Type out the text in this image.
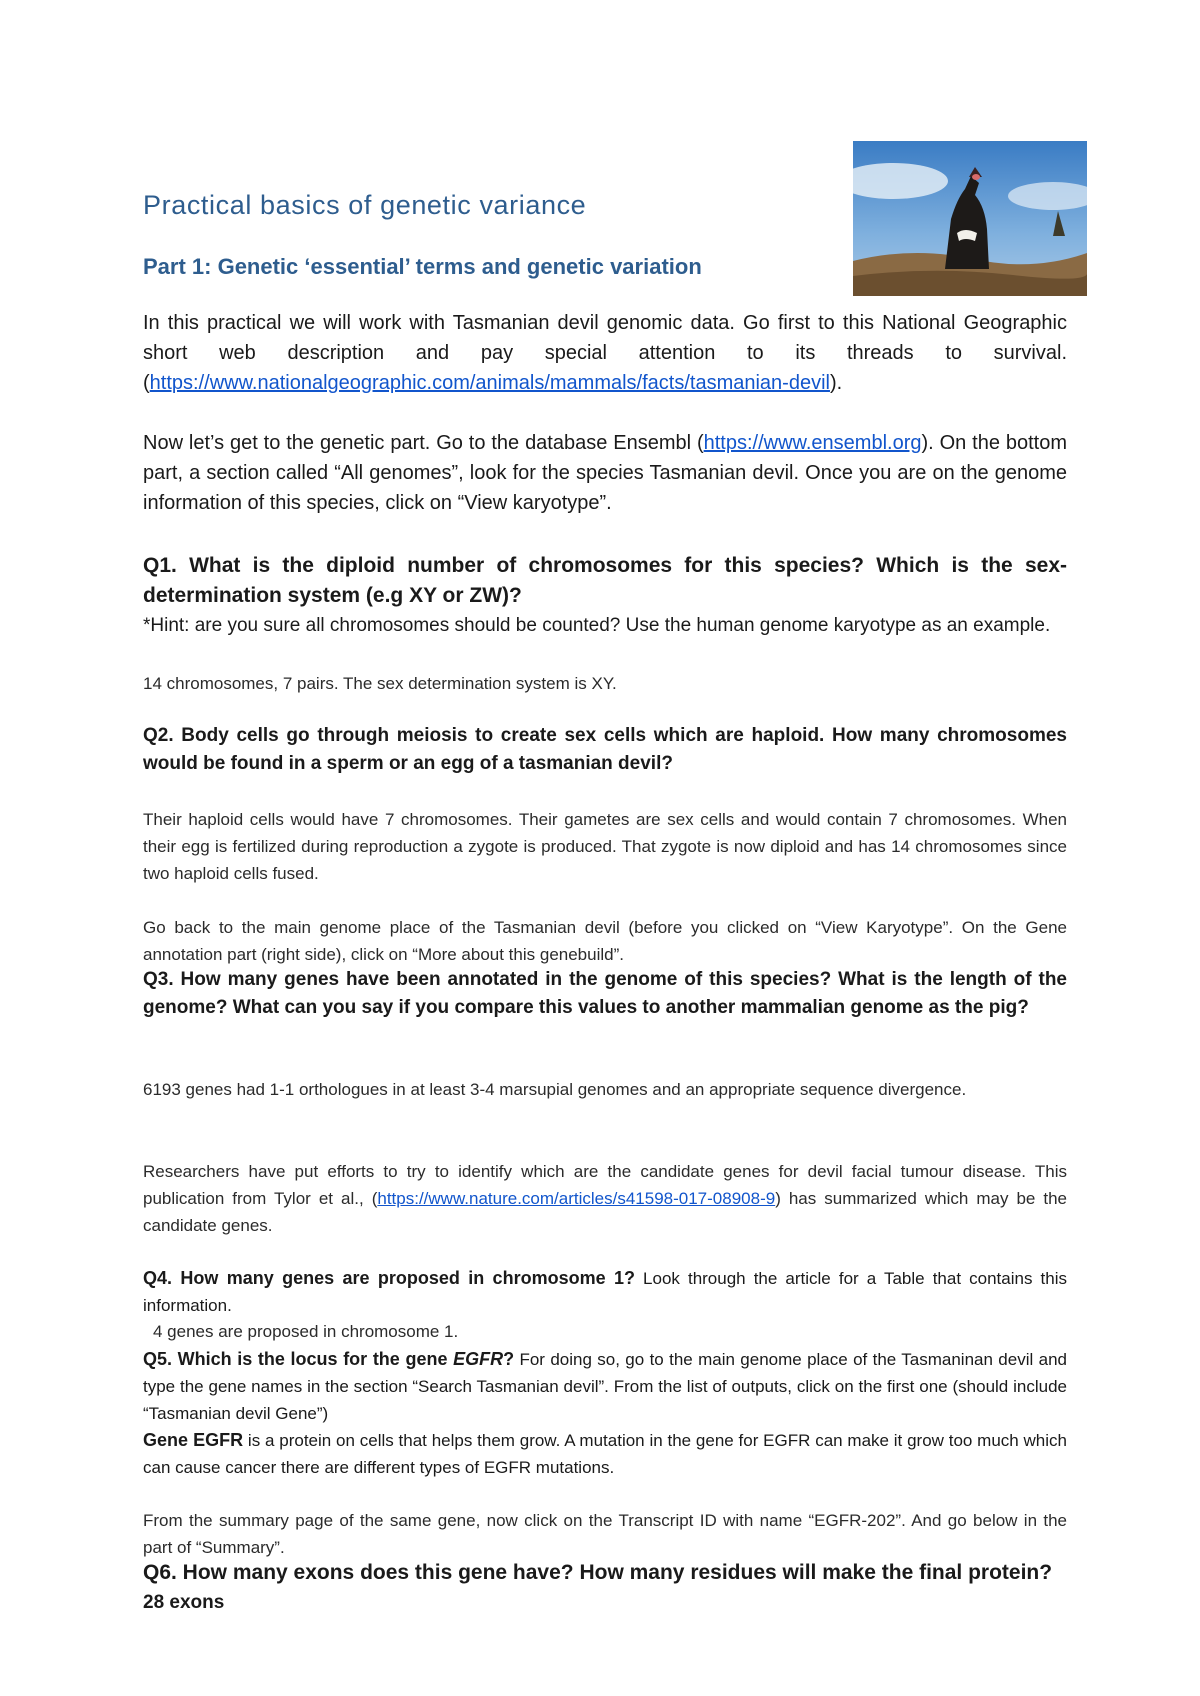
Practical basics of genetic variance
Part 1: Genetic ‘essential’ terms and genetic variation

In this practical we will work with Tasmanian devil genomic data. Go first to this National Geographic short web description and pay special attention to its threads to survival. (https://www.nationalgeographic.com/animals/mammals/facts/tasmanian-devil).

Now let’s get to the genetic part. Go to the database Ensembl (https://www.ensembl.org). On the bottom part, a section called “All genomes”, look for the species Tasmanian devil. Once you are on the genome information of this species, click on “View karyotype”.

Q1. What is the diploid number of chromosomes for this species? Which is the sex-determination system (e.g XY or ZW)?

*Hint: are you sure all chromosomes should be counted? Use the human genome karyotype as an example.

14 chromosomes, 7 pairs. The sex determination system is XY.

Q2. Body cells go through meiosis to create sex cells which are haploid. How many chromosomes would be found in a sperm or an egg of a tasmanian devil?

Their haploid cells would have 7 chromosomes. Their gametes are sex cells and would contain 7 chromosomes. When their egg is fertilized during reproduction a zygote is produced. That zygote is now diploid and has 14 chromosomes since two haploid cells fused.

Go back to the main genome place of the Tasmanian devil (before you clicked on “View Karyotype”. On the Gene annotation part (right side), click on “More about this genebuild”.

Q3. How many genes have been annotated in the genome of this species? What is the length of the genome? What can you say if you compare this values to another mammalian genome as the pig?

6193 genes had 1-1 orthologues in at least 3-4 marsupial genomes and an appropriate sequence divergence.

Researchers have put efforts to try to identify which are the candidate genes for devil facial tumour disease. This publication from Tylor et al., (https://www.nature.com/articles/s41598-017-08908-9) has summarized which may be the candidate genes.

Q4. How many genes are proposed in chromosome 1? Look through the article for a Table that contains this information.

4 genes are proposed in chromosome 1.

Q5. Which is the locus for the gene EGFR? For doing so, go to the main genome place of the Tasmaninan devil and type the gene names in the section “Search Tasmanian devil”. From the list of outputs, click on the first one (should include “Tasmanian devil Gene”)

Gene EGFR is a protein on cells that helps them grow. A mutation in the gene for EGFR can make it grow too much which can cause cancer there are different types of EGFR mutations.

From the summary page of the same gene, now click on the Transcript ID with name “EGFR-202”. And go below in the part of “Summary”.

Q6. How many exons does this gene have? How many residues will make the final protein?

28 exons
